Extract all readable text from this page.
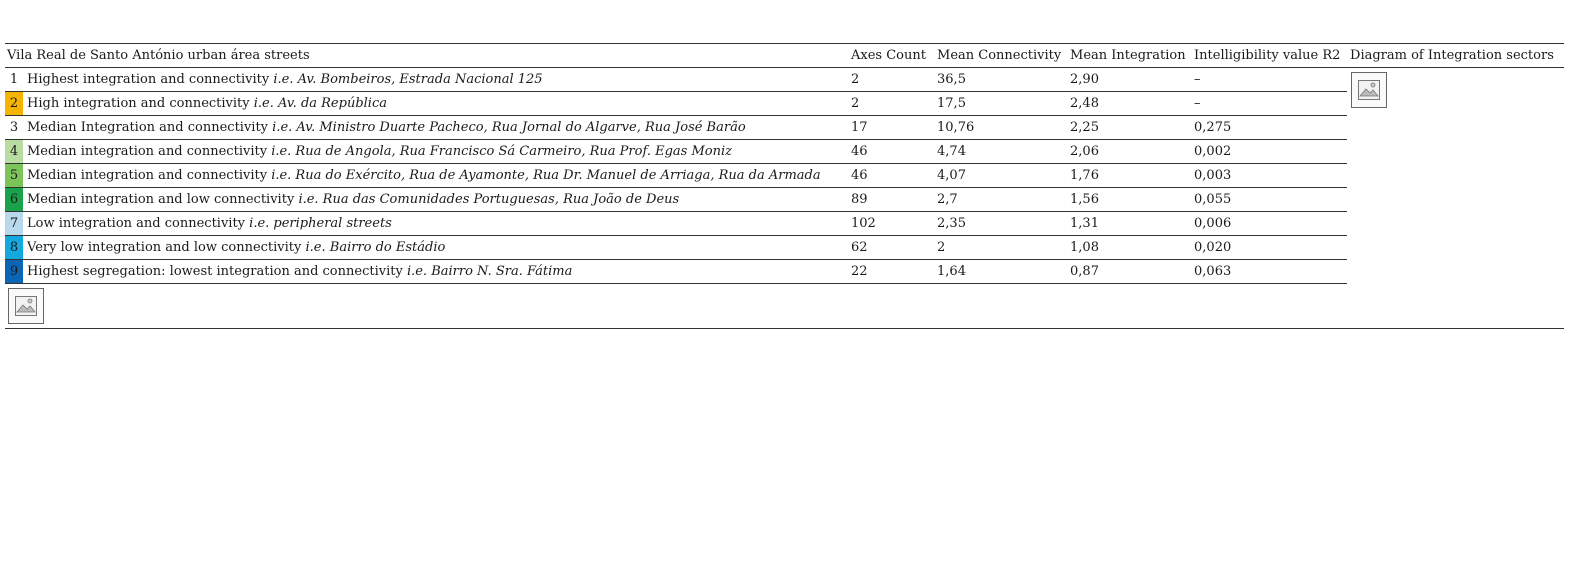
Vila Real de Santo António urban área streets		Axes Count	Mean Connectivity	Mean Integration	Intelligibility value R2	Diagram of Integration sectors

1	Highest integration and connectivity i.e. Av. Bombeiros, Estrada Nacional 125	2	36,5	2,90	–	

2	High integration and connectivity i.e. Av. da República	2	17,5	2,48	–	

3	Median Integration and connectivity i.e. Av. Ministro Duarte Pacheco, Rua Jornal do Algarve, Rua José Barão	17	10,76	2,25	0,275	

4	Median integration and connectivity i.e. Rua de Angola, Rua Francisco Sá Carmeiro, Rua Prof. Egas Moniz	46	4,74	2,06	0,002	

5	Median integration and connectivity i.e. Rua do Exército, Rua de Ayamonte, Rua Dr. Manuel de Arriaga, Rua da Armada	46	4,07	1,76	0,003	

6	Median integration and low connectivity i.e. Rua das Comunidades Portuguesas, Rua João de Deus	89	2,7	1,56	0,055	

7	Low integration and connectivity i.e. peripheral streets	102	2,35	1,31	0,006	

8	Very low integration and low connectivity i.e. Bairro do Estádio	62	2	1,08	0,020	

9	Highest segregation: lowest integration and connectivity i.e. Bairro N. Sra. Fátima	22	1,64	0,87	0,063	
